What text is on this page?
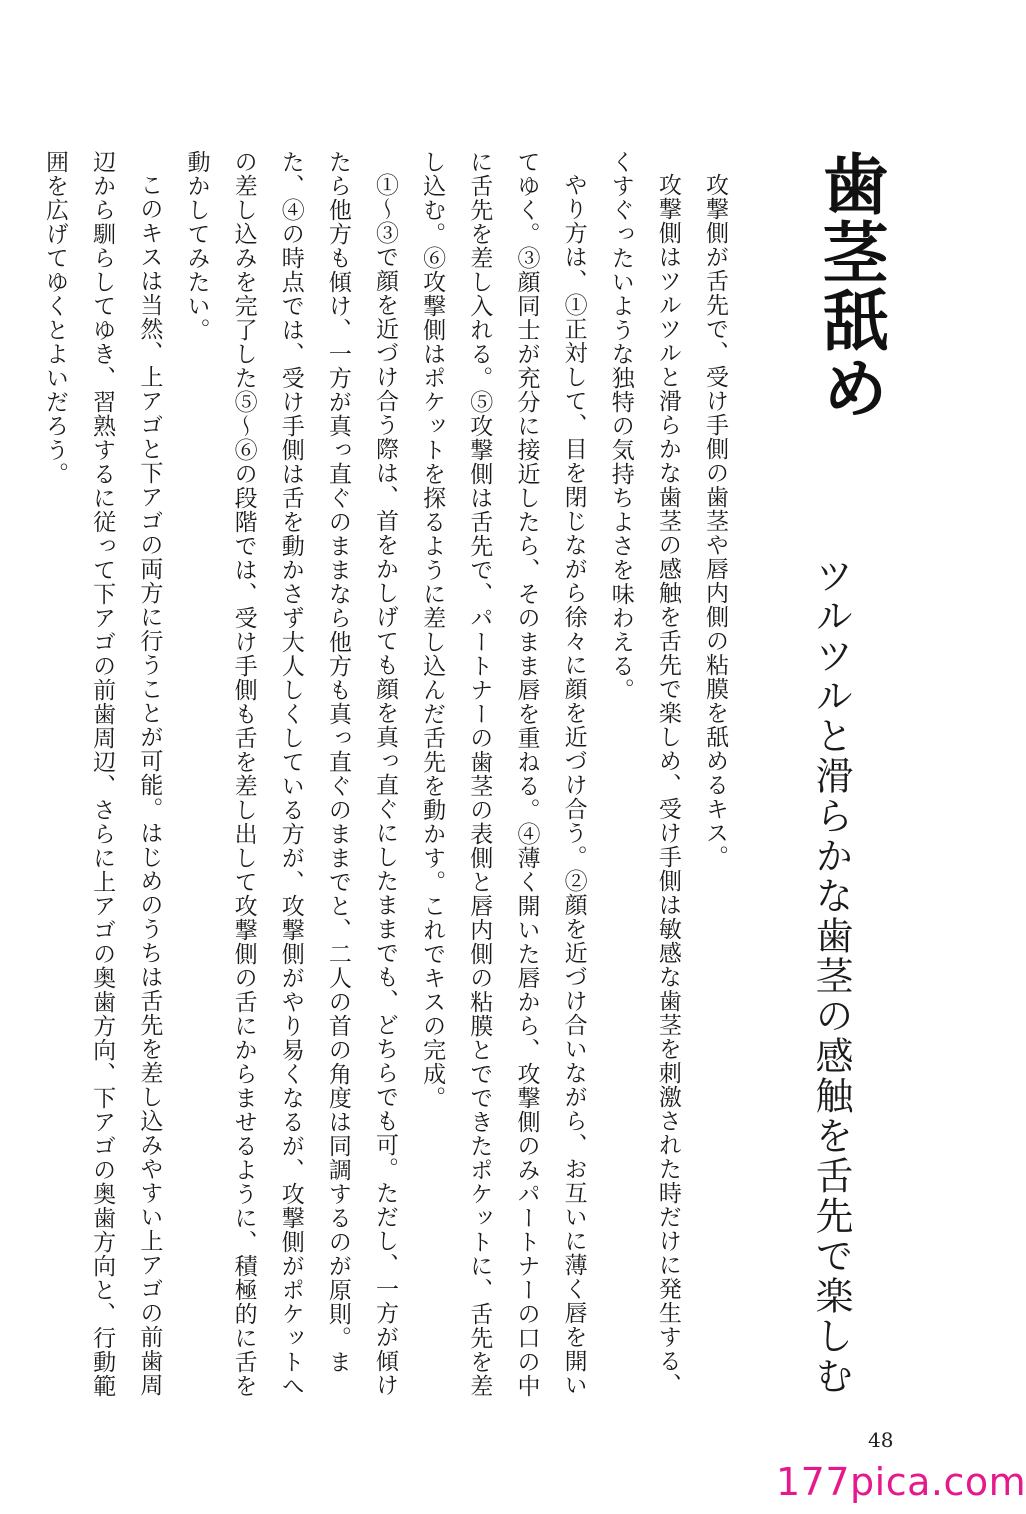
歯茎舐め
ツルツルと滑らかな歯茎の感触を舌先で楽しむ

攻撃側が舌先で、受け手側の歯茎や唇内側の粘膜を舐めるキス。

攻撃側はツルツルと滑らかな歯茎の感触を舌先で楽しめ、受け手側は敏感な歯茎を刺激された時だけに発生する、くすぐったいような独特の気持ちよさを味わえる。

やり方は、①正対して、目を閉じながら徐々に顔を近づけ合う。②顔を近づけ合いながら、お互いに薄く唇を開いてゆく。③顔同士が充分に接近したら、そのまま唇を重ねる。④薄く開いた唇から、攻撃側のみパートナーの口の中に舌先を差し入れる。⑤攻撃側は舌先で、パートナーの歯茎の表側と唇内側の粘膜とでできたポケットに、舌先を差し込む。⑥攻撃側はポケットを探るように差し込んだ舌先を動かす。これでキスの完成。

①〜③で顔を近づけ合う際は、首をかしげても顔を真っ直ぐにしたままでも、どちらでも可。ただし、一方が傾けたら他方も傾け、一方が真っ直ぐのままなら他方も真っ直ぐのままでと、二人の首の角度は同調するのが原則。また、④の時点では、受け手側は舌を動かさず大人しくしている方が、攻撃側がやり易くなるが、攻撃側がポケットへの差し込みを完了した⑤〜⑥の段階では、受け手側も舌を差し出して攻撃側の舌にからませるように、積極的に舌を動かしてみたい。

このキスは当然、上アゴと下アゴの両方に行うことが可能。はじめのうちは舌先を差し込みやすい上アゴの前歯周辺から馴らしてゆき、習熟するに従って下アゴの前歯周辺、さらに上アゴの奥歯方向、下アゴの奥歯方向と、行動範囲を広げてゆくとよいだろう。

48
177pica.com
